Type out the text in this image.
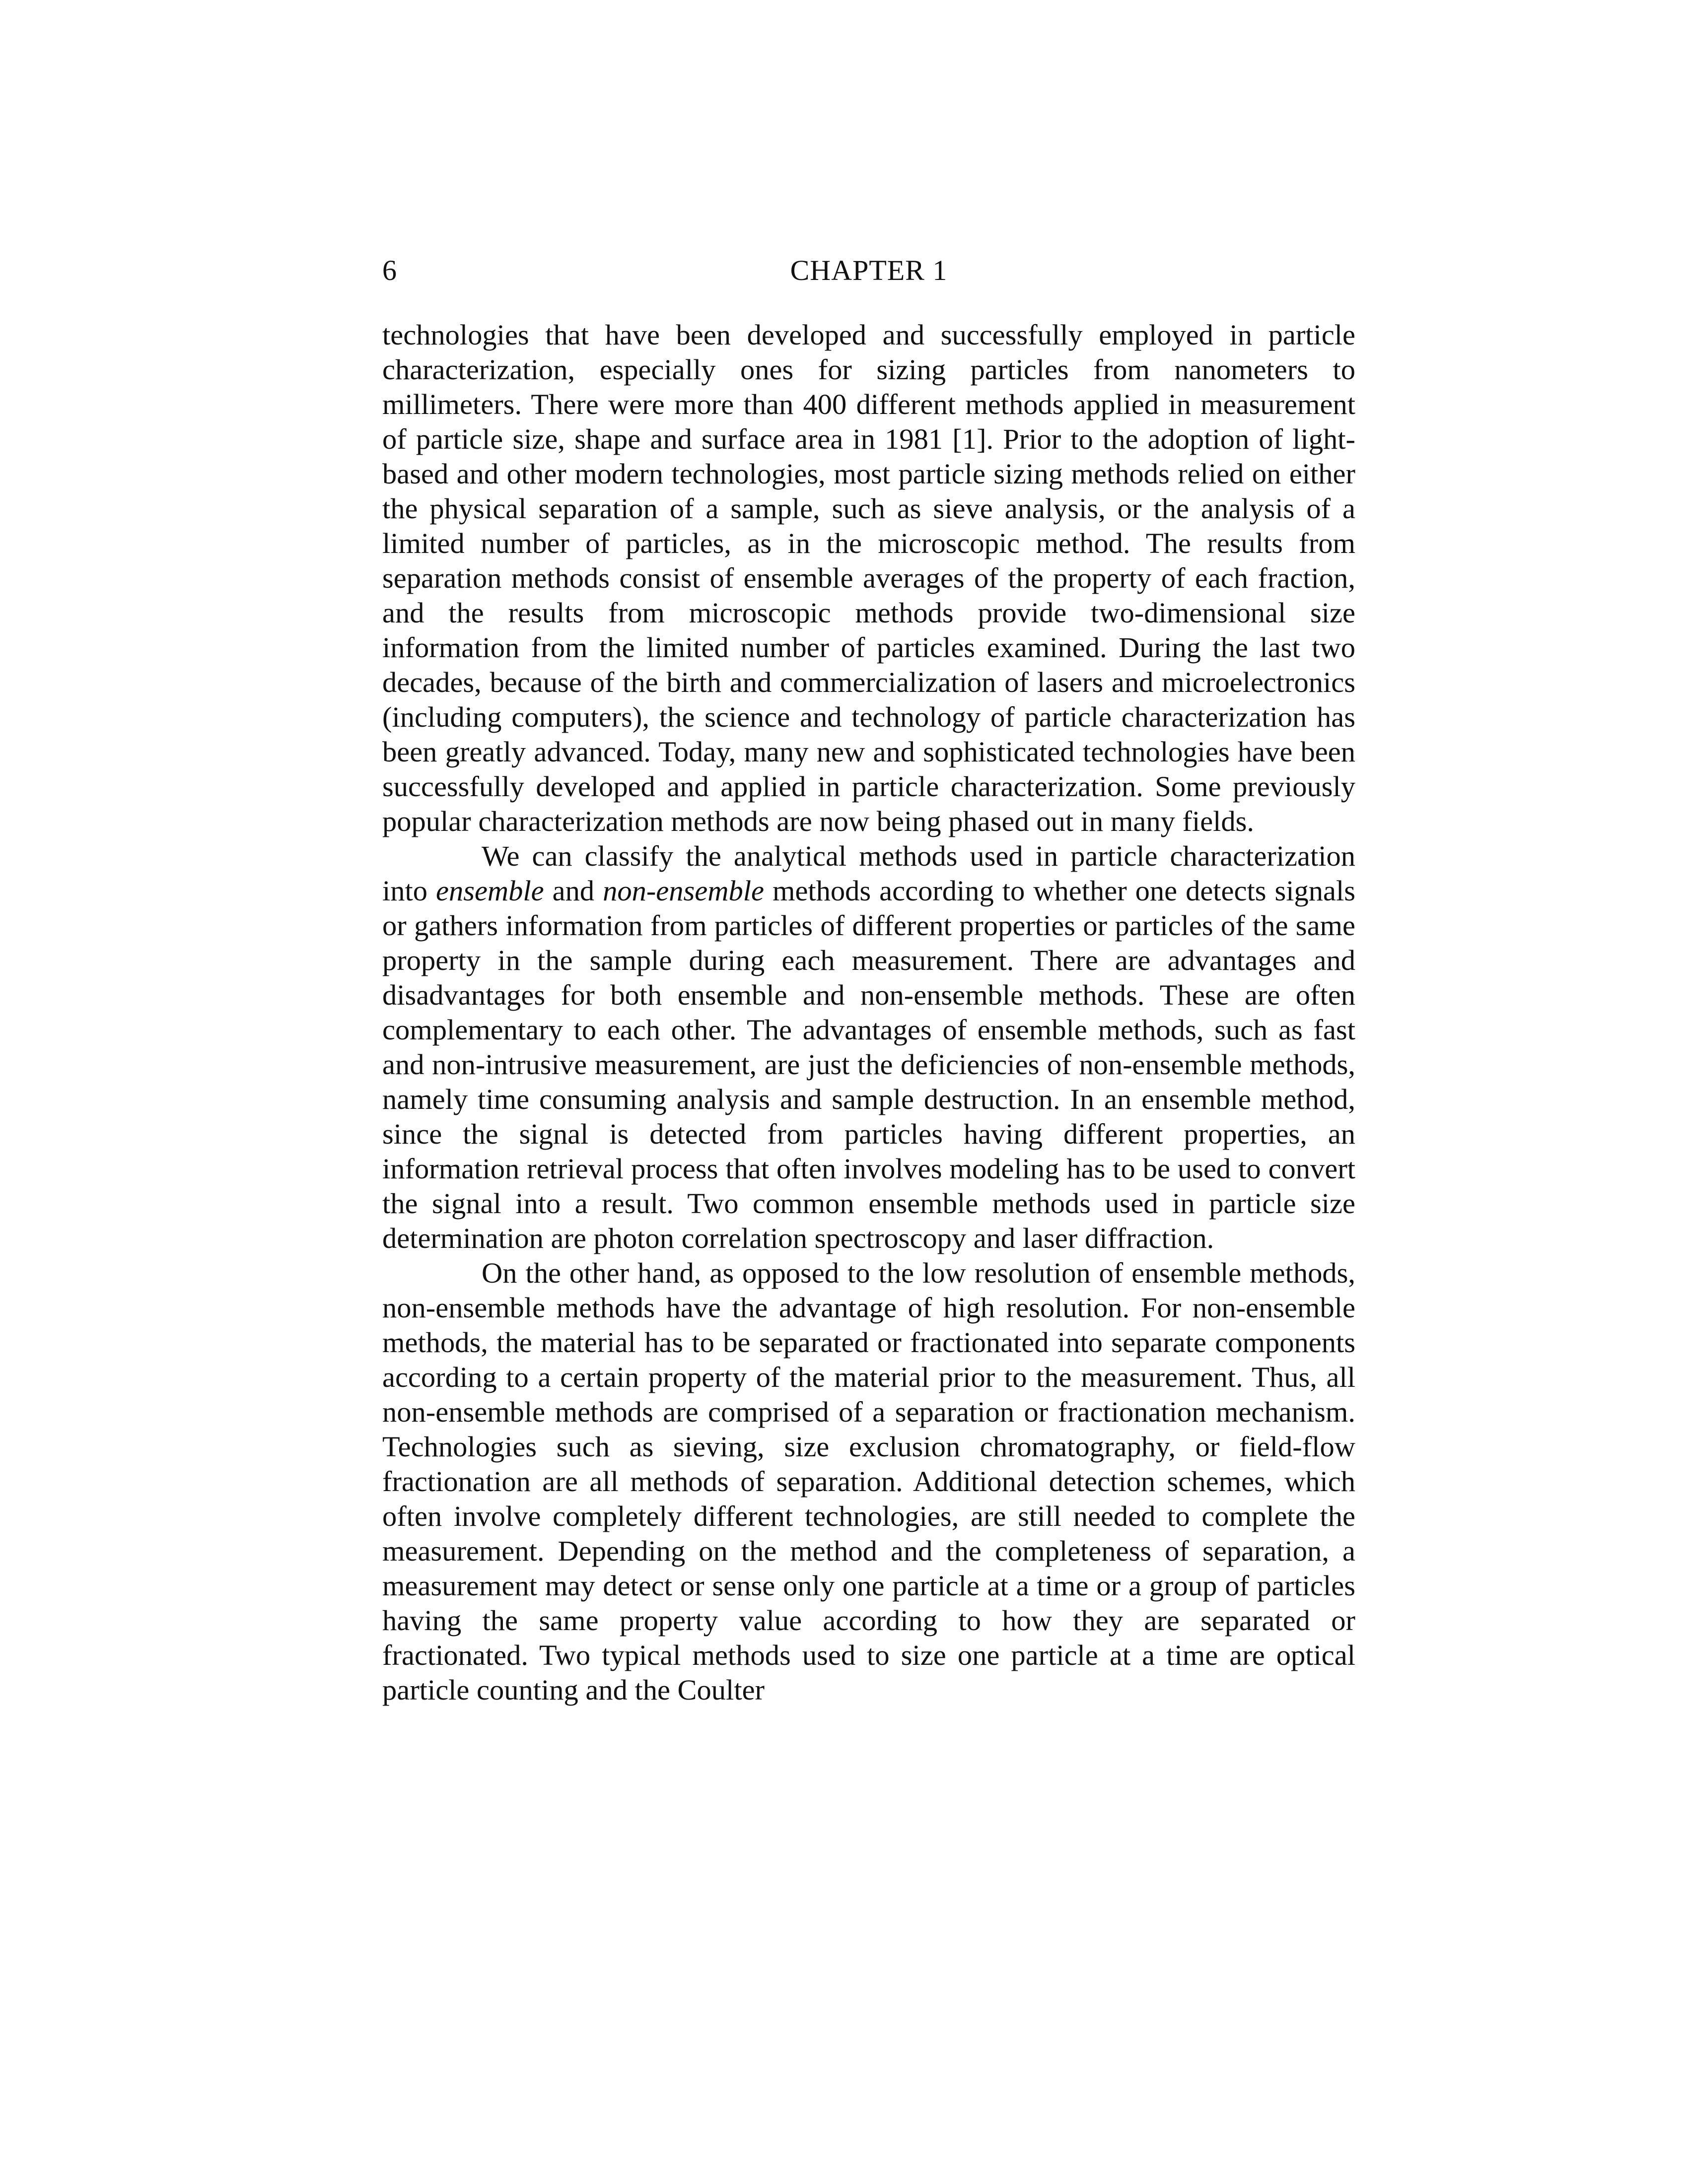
6	CHAPTER 1

technologies that have been developed and successfully employed in particle characterization, especially ones for sizing particles from nanometers to millimeters. There were more than 400 different methods applied in measurement of particle size, shape and surface area in 1981 [1]. Prior to the adoption of light-based and other modern technologies, most particle sizing methods relied on either the physical separation of a sample, such as sieve analysis, or the analysis of a limited number of particles, as in the microscopic method. The results from separation methods consist of ensemble averages of the property of each fraction, and the results from microscopic methods provide two-dimensional size information from the limited number of particles examined. During the last two decades, because of the birth and commercialization of lasers and microelectronics (including computers), the science and technology of particle characterization has been greatly advanced. Today, many new and sophisticated technologies have been successfully developed and applied in particle characterization. Some previously popular characterization methods are now being phased out in many fields.

We can classify the analytical methods used in particle characterization into ensemble and non-ensemble methods according to whether one detects signals or gathers information from particles of different properties or particles of the same property in the sample during each measurement. There are advantages and disadvantages for both ensemble and non-ensemble methods. These are often complementary to each other. The advantages of ensemble methods, such as fast and non-intrusive measurement, are just the deficiencies of non-ensemble methods, namely time consuming analysis and sample destruction. In an ensemble method, since the signal is detected from particles having different properties, an information retrieval process that often involves modeling has to be used to convert the signal into a result. Two common ensemble methods used in particle size determination are photon correlation spectroscopy and laser diffraction.

On the other hand, as opposed to the low resolution of ensemble methods, non-ensemble methods have the advantage of high resolution. For non-ensemble methods, the material has to be separated or fractionated into separate components according to a certain property of the material prior to the measurement. Thus, all non-ensemble methods are comprised of a separation or fractionation mechanism. Technologies such as sieving, size exclusion chromatography, or field-flow fractionation are all methods of separation. Additional detection schemes, which often involve completely different technologies, are still needed to complete the measurement. Depending on the method and the completeness of separation, a measurement may detect or sense only one particle at a time or a group of particles having the same property value according to how they are separated or fractionated. Two typical methods used to size one particle at a time are optical particle counting and the Coulter
